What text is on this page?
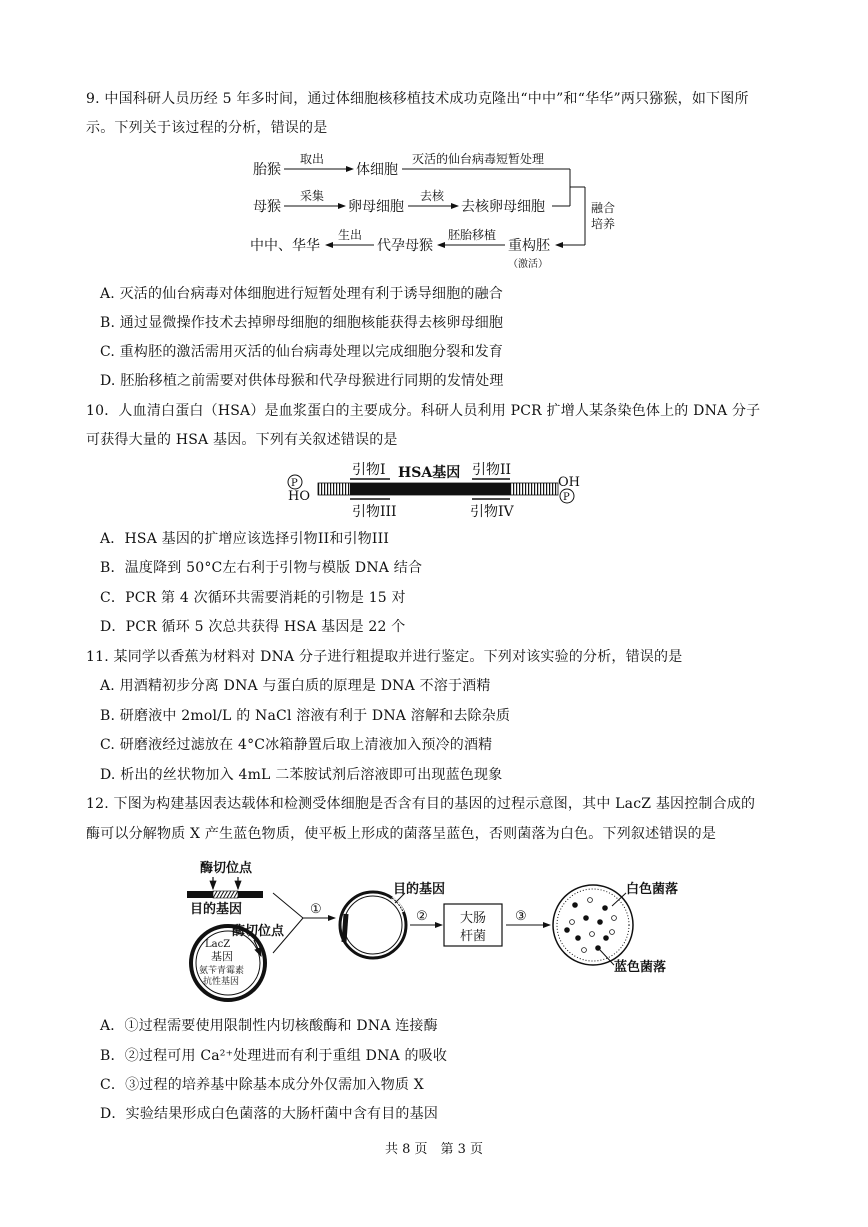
9. 中国科研人员历经 5 年多时间，通过体细胞核移植技术成功克隆出“中中”和“华华”两只猕猴，如下图所
示。下列关于该过程的分析，错误的是
胎猴
取出
体细胞
灭活的仙台病毒短暂处理
母猴
采集
卵母细胞
去核
去核卵母细胞	融合
培养
中中、华华
生出
代孕母猴
胚胎移植
重构胚
（激活）
A. 灭活的仙台病毒对体细胞进行短暂处理有利于诱导细胞的融合
B. 通过显微操作技术去掉卵母细胞的细胞核能获得去核卵母细胞
C. 重构胚的激活需用灭活的仙台病毒处理以完成细胞分裂和发育
D. 胚胎移植之前需要对供体母猴和代孕母猴进行同期的发情处理
10．人血清白蛋白（HSA）是血浆蛋白的主要成分。科研人员利用 PCR 扩增人某条染色体上的 DNA 分子
可获得大量的 HSA 基因。下列有关叙述错误的是
P
P
HO
OH
引物I HSA基因 引物II
引物III	引物IV
A．HSA 基因的扩增应该选择引物II和引物III
B．温度降到 50°C左右利于引物与模版 DNA 结合
C．PCR 第 4 次循环共需要消耗的引物是 15 对
D．PCR 循环 5 次总共获得 HSA 基因是 22 个
11. 某同学以香蕉为材料对 DNA 分子进行粗提取并进行鉴定。下列对该实验的分析，错误的是
A. 用酒精初步分离 DNA 与蛋白质的原理是 DNA 不溶于酒精
B. 研磨液中 2mol/L 的 NaCl 溶液有利于 DNA 溶解和去除杂质
C. 研磨液经过滤放在 4°C冰箱静置后取上清液加入预冷的酒精
D. 析出的丝状物加入 4mL 二苯胺试剂后溶液即可出现蓝色现象
12. 下图为构建基因表达载体和检测受体细胞是否含有目的基因的过程示意图，其中 LacZ 基因控制合成的
酶可以分解物质 X 产生蓝色物质，使平板上形成的菌落呈蓝色，否则菌落为白色。下列叙述错误的是
酶切位点
目的基因
LacZ
基因
氨苄青霉素
抗性基因
酶切位点
①
目的基因
② 大肠
杆菌
③
白色菌落
蓝色菌落
A．①过程需要使用限制性内切核酸酶和 DNA 连接酶
B．②过程可用 Ca²⁺处理进而有利于重组 DNA 的吸收
C．③过程的培养基中除基本成分外仅需加入物质 X
D．实验结果形成白色菌落的大肠杆菌中含有目的基因
共 8 页　第 3 页
